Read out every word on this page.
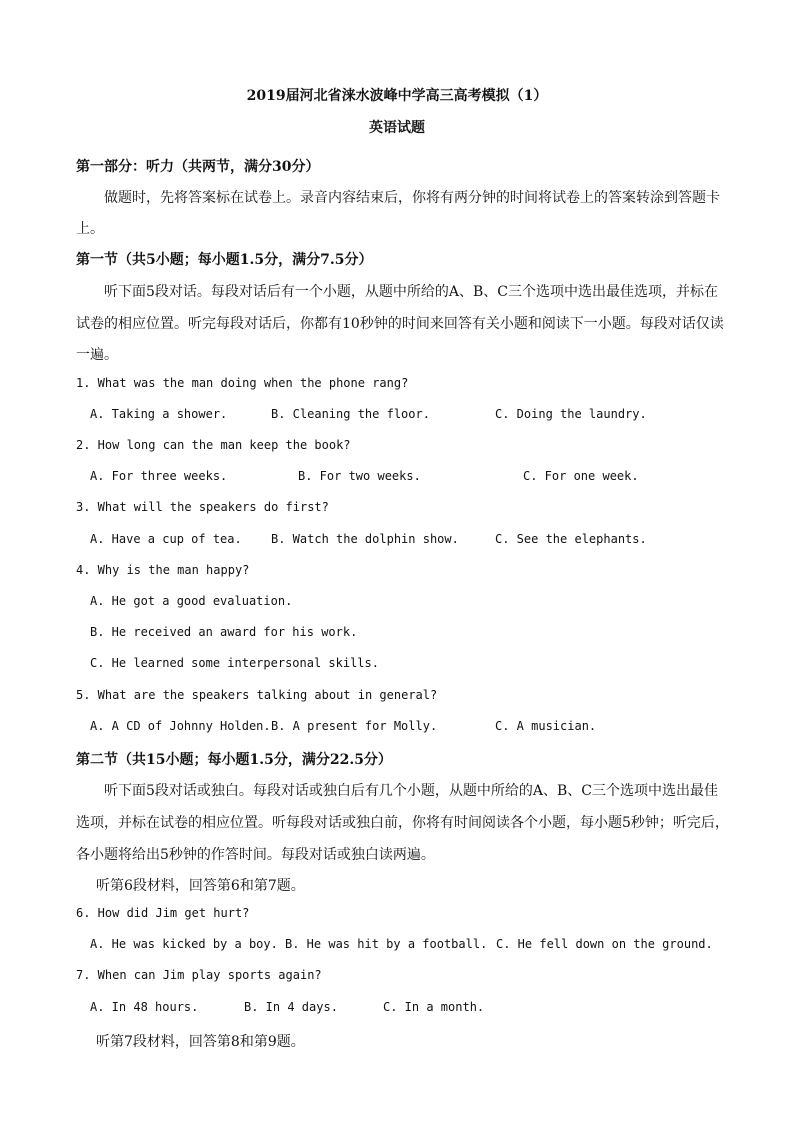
2019届河北省涞水波峰中学高三高考模拟（1）
英语试题
第一部分：听力（共两节，满分30分）
做题时，先将答案标在试卷上。录音内容结束后，你将有两分钟的时间将试卷上的答案转涂到答题卡
上。
第一节（共5小题；每小题1.5分，满分7.5分）
听下面5段对话。每段对话后有一个小题，从题中所给的A、B、C三个选项中选出最佳选项，并标在
试卷的相应位置。听完每段对话后，你都有10秒钟的时间来回答有关小题和阅读下一小题。每段对话仅读
一遍。
1. What was the man doing when the phone rang?
A. Taking a shower.	B. Cleaning the floor.	C. Doing the laundry.
2. How long can the man keep the book?
A. For three weeks.	B. For two weeks.	C. For one week.
3. What will the speakers do first?
A. Have a cup of tea. B. Watch the dolphin show.	C. See the elephants.
4. Why is the man happy?
A. He got a good evaluation.
B. He received an award for his work.
C. He learned some interpersonal skills.
5. What are the speakers talking about in general?
A. A CD of Johnny Holden. B. A present for Molly.	C. A musician.
第二节（共15小题；每小题1.5分，满分22.5分）
听下面5段对话或独白。每段对话或独白后有几个小题，从题中所给的A、B、C三个选项中选出最佳
选项，并标在试卷的相应位置。听每段对话或独白前，你将有时间阅读各个小题，每小题5秒钟；听完后，
各小题将给出5秒钟的作答时间。每段对话或独白读两遍。
听第6段材料，回答第6和第7题。
6. How did Jim get hurt?
A. He was kicked by a boy. B. He was hit by a football. C. He fell down on the ground.
7. When can Jim play sports again?
A. In 48 hours.	B. In 4 days.	C. In a month.
听第7段材料，回答第8和第9题。
